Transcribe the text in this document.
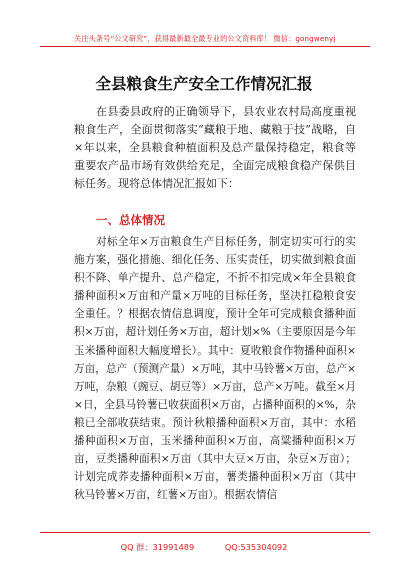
关注头条号“公文研究”，获得最新最全最专业的公文资料库！ 微信：gongwenyj
全县粮食生产安全工作情况汇报

在县委县政府的正确领导下，县农业农村局高度重视粮食生产，全面贯彻落实“藏粮于地、藏粮于技”战略，自×年以来，全县粮食种植面积及总产量保持稳定，粮食等重要农产品市场有效供给充足，全面完成粮食稳产保供目标任务。现将总体情况汇报如下：

一、总体情况

对标全年×万亩粮食生产目标任务，制定切实可行的实施方案，强化措施、细化任务、压实责任，切实做到粮食面积不降、单产提升、总产稳定，不折不扣完成×年全县粮食播种面积×万亩和产量×万吨的目标任务，坚决扛稳粮食安全重任。？根据农情信息调度，预计全年可完成粮食播种面积×万亩，超计划任务×万亩，超计划×%（主要原因是今年玉米播种面积大幅度增长）。其中：夏收粮食作物播种面积×万亩，总产（预测产量）×万吨，其中马铃薯×万亩，总产×万吨，杂粮（豌豆、胡豆等）×万亩，总产×万吨。截至×月×日，全县马铃薯已收获面积×万亩，占播种面积的×%，杂粮已全部收获结束。预计秋粮播种面积×万亩，其中：水稻播种面积×万亩，玉米播种面积×万亩，高粱播种面积×万亩，豆类播种面积×万亩（其中大豆×万亩，杂豆×万亩）；计划完成荞麦播种面积×万亩，薯类播种面积×万亩（其中秋马铃薯×万亩，红薯×万亩）。根据农情信

QQ 群：31991489	QQ:535304092
